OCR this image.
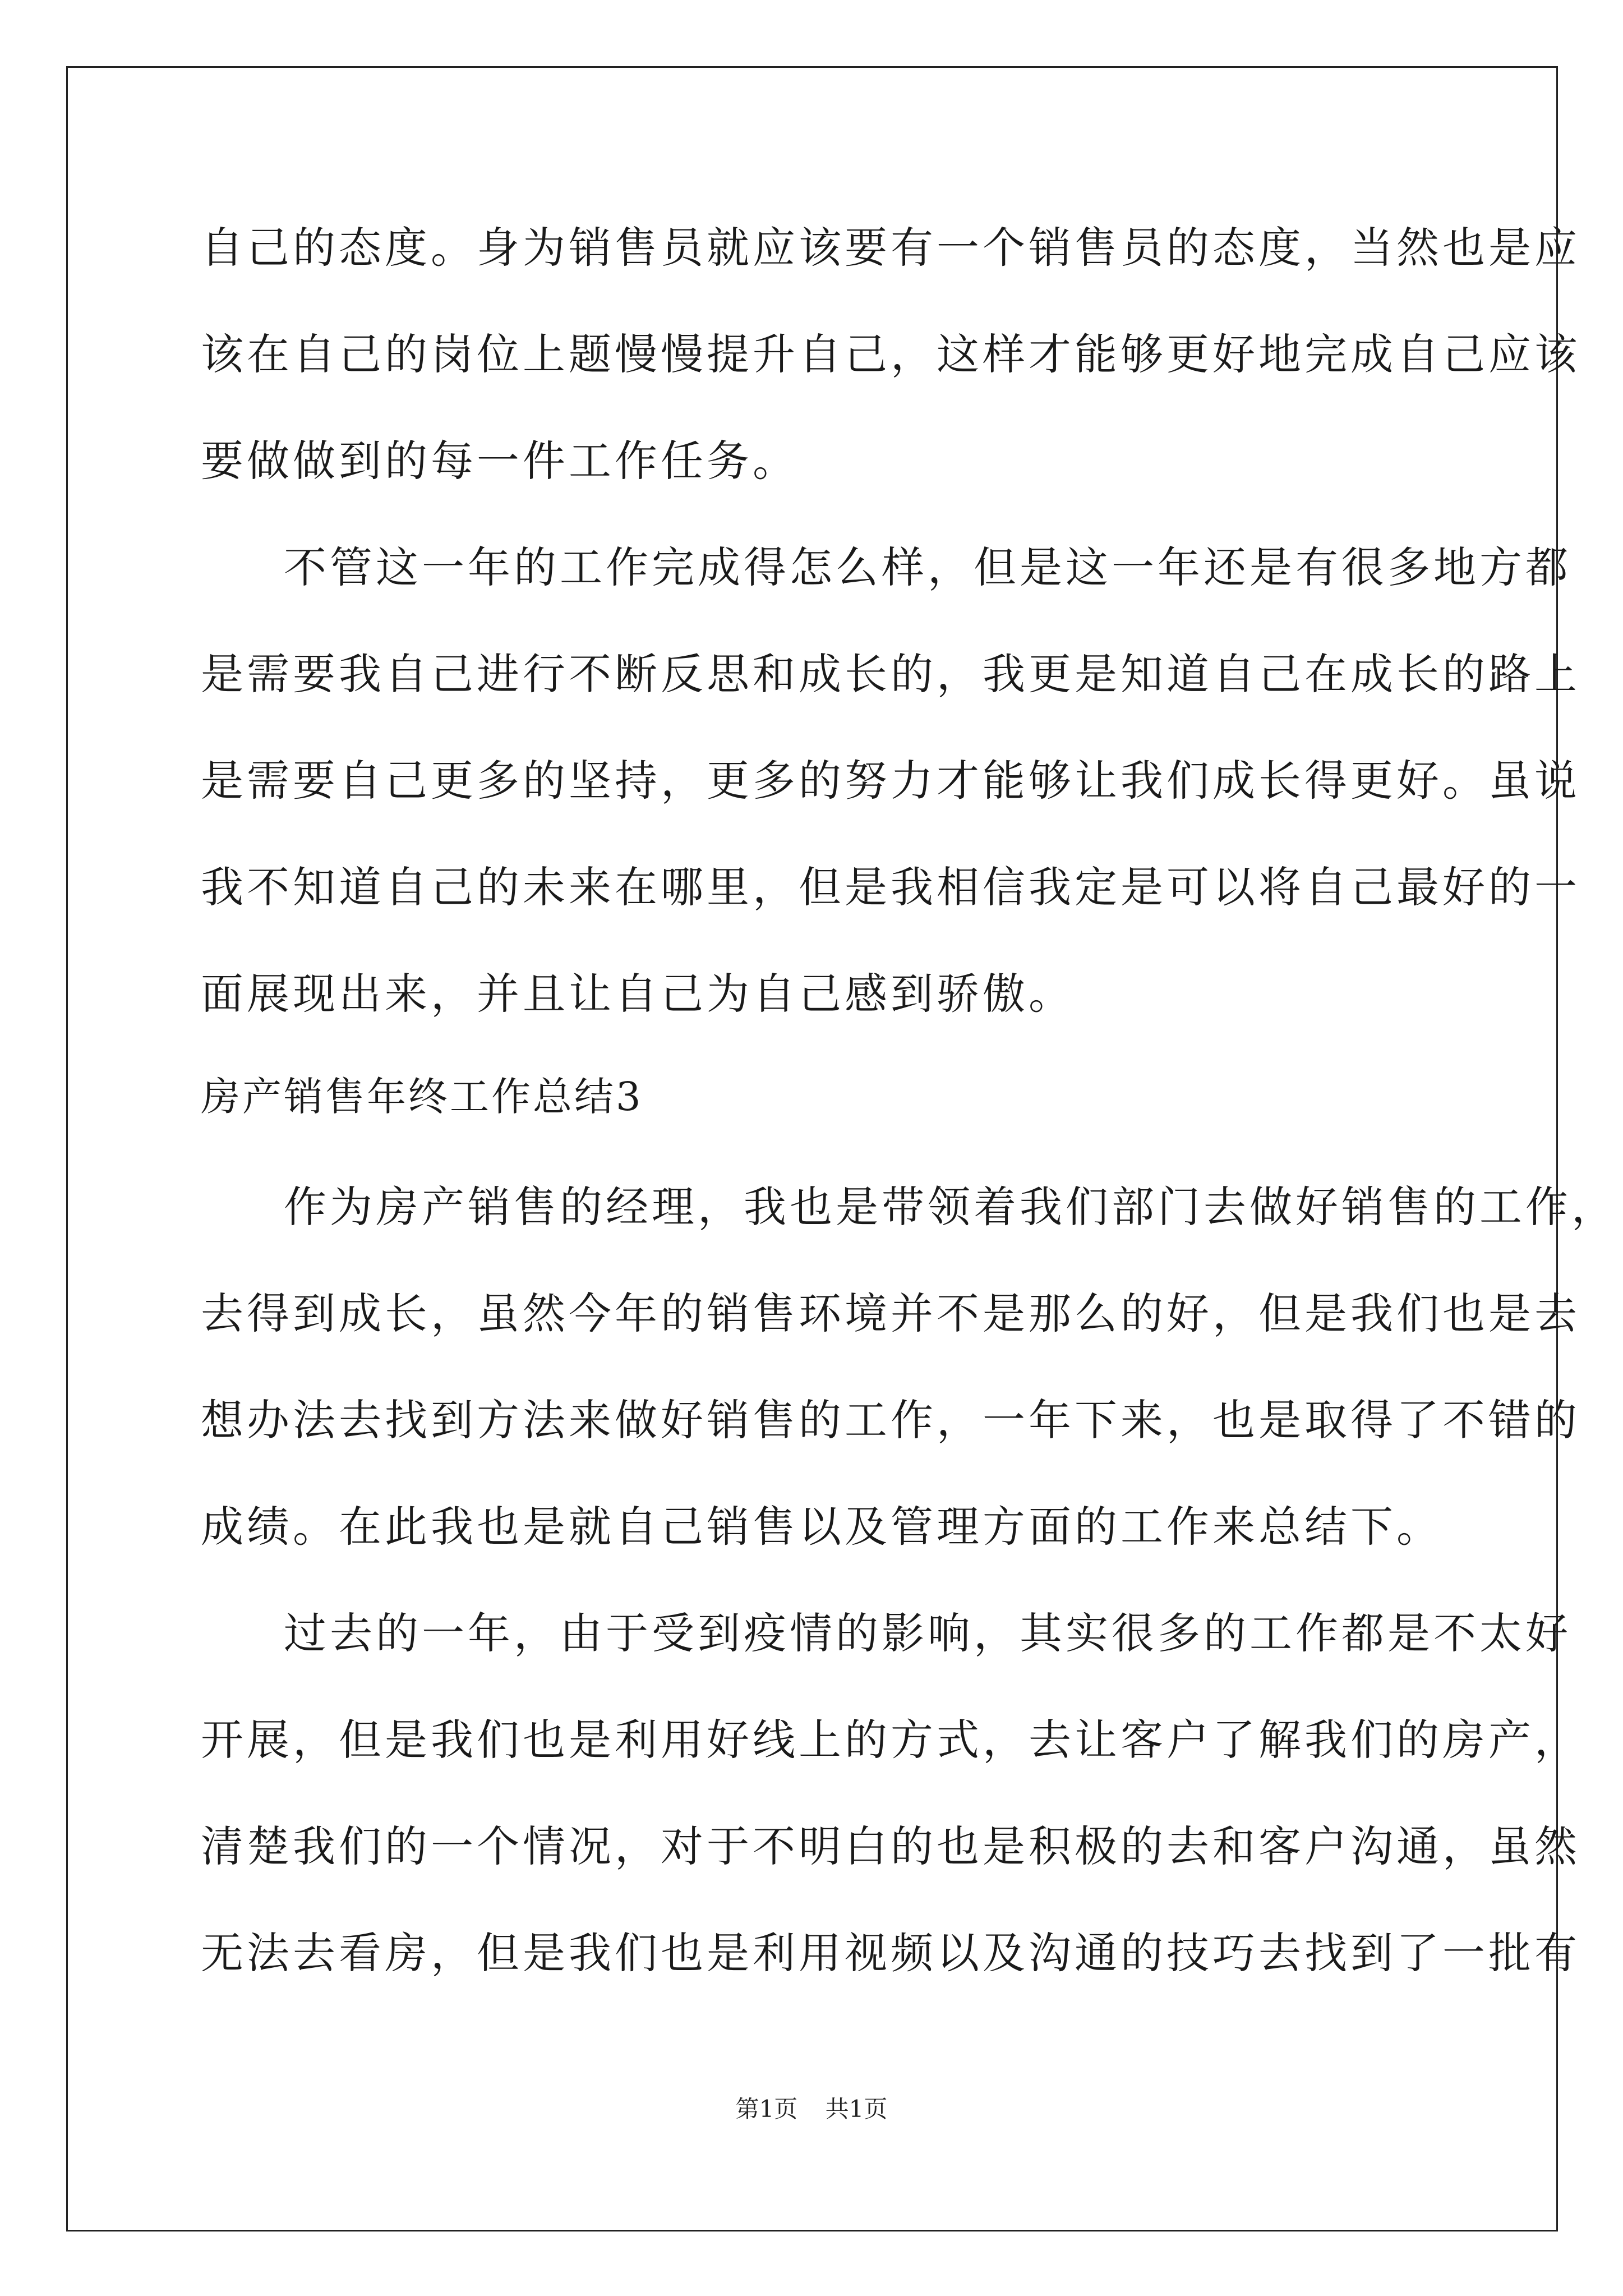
自己的态度。身为销售员就应该要有一个销售员的态度，当然也是应
该在自己的岗位上题慢慢提升自己，这样才能够更好地完成自己应该
要做做到的每一件工作任务。
不管这一年的工作完成得怎么样，但是这一年还是有很多地方都
是需要我自己进行不断反思和成长的，我更是知道自己在成长的路上
是需要自己更多的坚持，更多的努力才能够让我们成长得更好。虽说
我不知道自己的未来在哪里，但是我相信我定是可以将自己最好的一
面展现出来，并且让自己为自己感到骄傲。
房产销售年终工作总结3
作为房产销售的经理，我也是带领着我们部门去做好销售的工作，
去得到成长，虽然今年的销售环境并不是那么的好，但是我们也是去
想办法去找到方法来做好销售的工作，一年下来，也是取得了不错的
成绩。在此我也是就自己销售以及管理方面的工作来总结下。
过去的一年，由于受到疫情的影响，其实很多的工作都是不太好
开展，但是我们也是利用好线上的方式，去让客户了解我们的房产，
清楚我们的一个情况，对于不明白的也是积极的去和客户沟通，虽然
无法去看房，但是我们也是利用视频以及沟通的技巧去找到了一批有
第1页 共1页
